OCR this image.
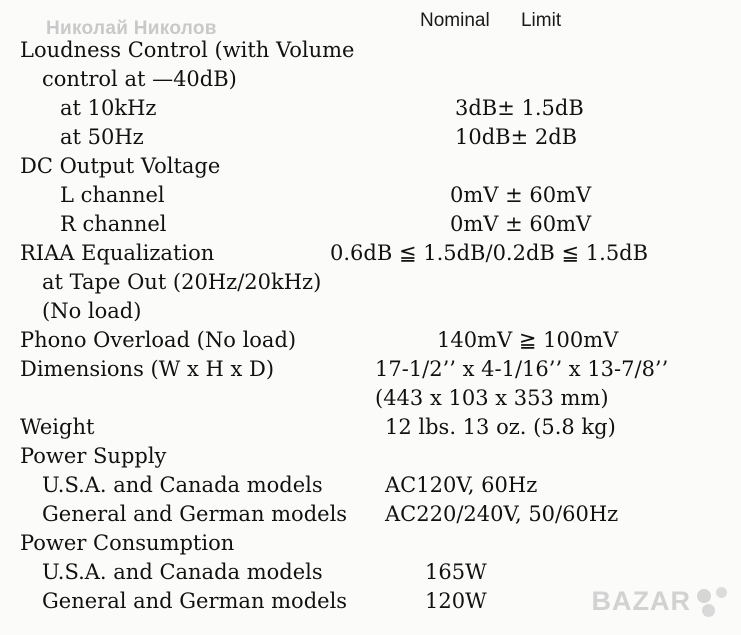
Николай Николов	Nominal Limit
Loudness Control (with Volume
control at —40dB)
at 10kHz	3dB± 1.5dB
at 50Hz	10dB± 2dB
DC Output Voltage
L channel	0mV ± 60mV
R channel	0mV ± 60mV
RIAA Equalization	0.6dB ≦ 1.5dB/0.2dB ≦ 1.5dB
at Tape Out (20Hz/20kHz)
(No load)
Phono Overload (No load)	140mV ≧ 100mV
Dimensions (W x H x D)	17-1/2’’ x 4-1/16’’ x 13-7/8’’
(443 x 103 x 353 mm)
Weight	12 lbs. 13 oz. (5.8 kg)
Power Supply
U.S.A. and Canada models	AC120V, 60Hz
General and German models	AC220/240V, 50/60Hz
Power Consumption
U.S.A. and Canada models	165W
General and German models	120W	BAZAR
